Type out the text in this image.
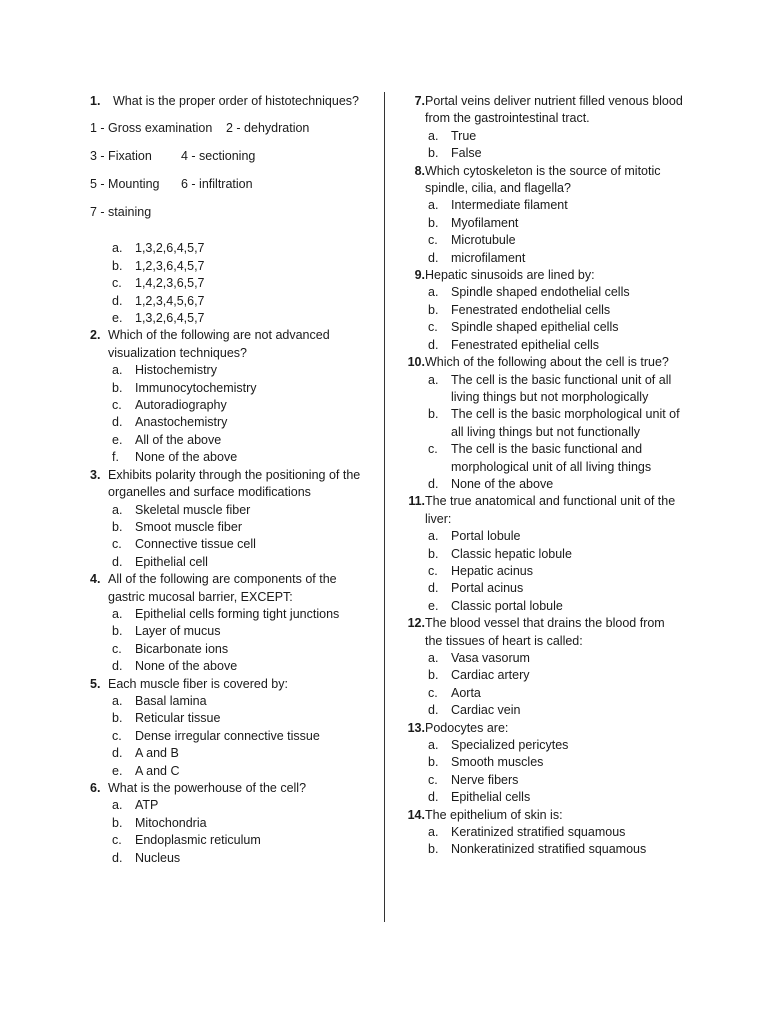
1.	What is the proper order of histotechniques?
1 - Gross examination	2 - dehydration
3 - Fixation	4 - sectioning
5 - Mounting	6 - infiltration
7 - staining
a.	1,3,2,6,4,5,7
b.	1,2,3,6,4,5,7
c.	1,4,2,3,6,5,7
d.	1,2,3,4,5,6,7
e.	1,3,2,6,4,5,7
2. Which of the following are not advanced visualization techniques?
a.	Histochemistry
b.	Immunocytochemistry
c.	Autoradiography
d.	Anastochemistry
e.	All of the above
f.	None of the above
3. Exhibits polarity through the positioning of the organelles and surface modifications
a.	Skeletal muscle fiber
b.	Smoot muscle fiber
c.	Connective tissue cell
d.	Epithelial cell
4. All of the following are components of the gastric mucosal barrier, EXCEPT:
a.	Epithelial cells forming tight junctions
b.	Layer of mucus
c.	Bicarbonate ions
d.	None of the above
5. Each muscle fiber is covered by:
a.	Basal lamina
b.	Reticular tissue
c.	Dense irregular connective tissue
d.	A and B
e.	A and C
6. What is the powerhouse of the cell?
a.	ATP
b.	Mitochondria
c.	Endoplasmic reticulum
d.	Nucleus
7. Portal veins deliver nutrient filled venous blood from the gastrointestinal tract.
a.	True
b.	False
8. Which cytoskeleton is the source of mitotic spindle, cilia, and flagella?
a.	Intermediate filament
b.	Myofilament
c.	Microtubule
d.	microfilament
9. Hepatic sinusoids are lined by:
a.	Spindle shaped endothelial cells
b.	Fenestrated endothelial cells
c.	Spindle shaped epithelial cells
d.	Fenestrated epithelial cells
10. Which of the following about the cell is true?
a.	The cell is the basic functional unit of all living things but not morphologically
b.	The cell is the basic morphological unit of all living things but not functionally
c.	The cell is the basic functional and morphological unit of all living things
d.	None of the above
11. The true anatomical and functional unit of the liver:
a.	Portal lobule
b.	Classic hepatic lobule
c.	Hepatic acinus
d.	Portal acinus
e.	Classic portal lobule
12. The blood vessel that drains the blood from the tissues of heart is called:
a.	Vasa vasorum
b.	Cardiac artery
c.	Aorta
d.	Cardiac vein
13. Podocytes are:
a.	Specialized pericytes
b.	Smooth muscles
c.	Nerve fibers
d.	Epithelial cells
14. The epithelium of skin is:
a.	Keratinized stratified squamous
b.	Nonkeratinized stratified squamous
